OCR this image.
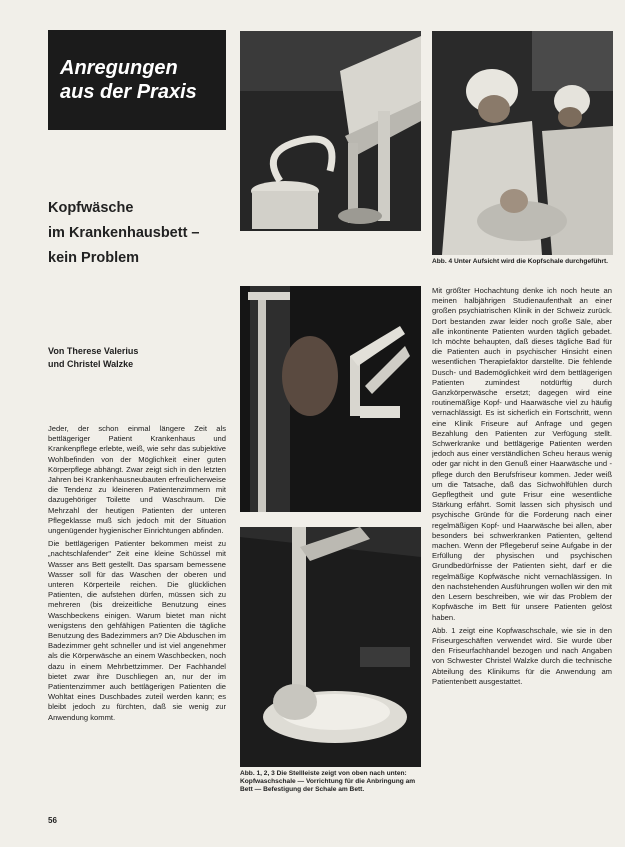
Anregungen
aus der Praxis
Kopfwäsche
im Krankenhausbett –
kein Problem
Von Therese Valerius
und Christel Walzke

Jeder, der schon einmal längere Zeit als bettlägeriger Patient Krankenhaus und Krankenpflege erlebte, weiß, wie sehr das subjektive Wohlbefinden von der Möglichkeit einer guten Körperpflege abhängt. Zwar zeigt sich in den letzten Jahren bei Krankenhausneubauten erfreulicherweise die Tendenz zu kleineren Patientenzimmern mit dazugehöriger Toilette und Waschraum. Die Mehrzahl der heutigen Patienten der unteren Pflegeklasse muß sich jedoch mit der Situation ungenügender hygienischer Einrichtungen abfinden.

Die bettlägerigen Patienter bekommen meist zu „nachtschlafender" Zeit eine kleine Schüssel mit Wasser ans Bett gestellt. Das sparsam bemessene Wasser soll für das Waschen der oberen und unteren Körperteile reichen. Die glücklichen Patienten, die aufstehen dürfen, müssen sich zu mehreren (bis dreizeitliche Benutzung eines Waschbeckens einigen. Warum bietet man nicht wenigstens den gehfähigen Patienten die tägliche Benutzung des Badezimmers an? Die Abduschen im Badezimmer geht schneller und ist viel angenehmer als die Körperwäsche an einem Waschbecken, noch dazu in einem Mehrbettzimmer. Der Fachhandel bietet zwar ihre Duschliegen an, nur der im Patientenzimmer auch bettlägerigen Patienten die Wohltat eines Duschbades zuteil werden kann; es bleibt jedoch zu fürchten, daß sie wenig zur Anwendung kommt.

Abb. 4 Unter Aufsicht wird die Kopfschale durchgeführt.

Mit größter Hochachtung denke ich noch heute an meinen halbjährigen Studienaufenthalt an einer großen psychiatrischen Klinik in der Schweiz zurück. Dort bestanden zwar leider noch große Säle, aber alle inkontinente Patienten wurden täglich gebadet. Ich möchte behaupten, daß dieses tägliche Bad für die Patienten auch in psychischer Hinsicht einen wesentlichen Therapiefaktor darstellte. Die fehlende Dusch- und Bademöglichkeit wird dem bettlägerigen Patienten zumindest notdürftig durch Ganzkörperwäsche ersetzt; dagegen wird eine routinemäßige Kopf- und Haarwäsche viel zu häufig vernachlässigt. Es ist sicherlich ein Fortschritt, wenn eine Klinik Friseure auf Anfrage und gegen Bezahlung den Patienten zur Verfügung stellt. Schwerkranke und bettlägerige Patienten werden jedoch aus einer verständlichen Scheu heraus wenig oder gar nicht in den Genuß einer Haarwäsche und -pflege durch den Berufsfriseur kommen. Jeder weiß um die Tatsache, daß das Sichwohlfühlen durch Gepflegtheit und gute Frisur eine wesentliche Stärkung erfährt. Somit lassen sich physisch und psychische Gründe für die Forderung nach einer regelmäßigen Kopf- und Haarwäsche bei allen, aber besonders bei schwerkranken Patienten, geltend machen. Wenn der Pflegeberuf seine Aufgabe in der Erfüllung der physischen und psychischen Grundbedürfnisse der Patienten sieht, darf er die regelmäßige Kopfwäsche nicht vernachlässigen. In den nachstehenden Ausführungen wollen wir den mit den Lesern beschreiben, wie wir das Problem der Kopfwäsche im Bett für unsere Patienten gelöst haben.

Abb. 1 zeigt eine Kopfwaschschale, wie sie in den Friseurgeschäften verwendet wird. Sie wurde über den Friseurfachhandel bezogen und nach Angaben von Schwester Christel Walzke durch die technische Abteilung des Klinikums für die Anwendung am Patientenbett ausgestattet.

Abb. 1, 2, 3 Die Stellleiste zeigt von oben nach unten: Kopfwaschschale — Vorrichtung für die Anbringung am Bett — Befestigung der Schale am Bett.
56
